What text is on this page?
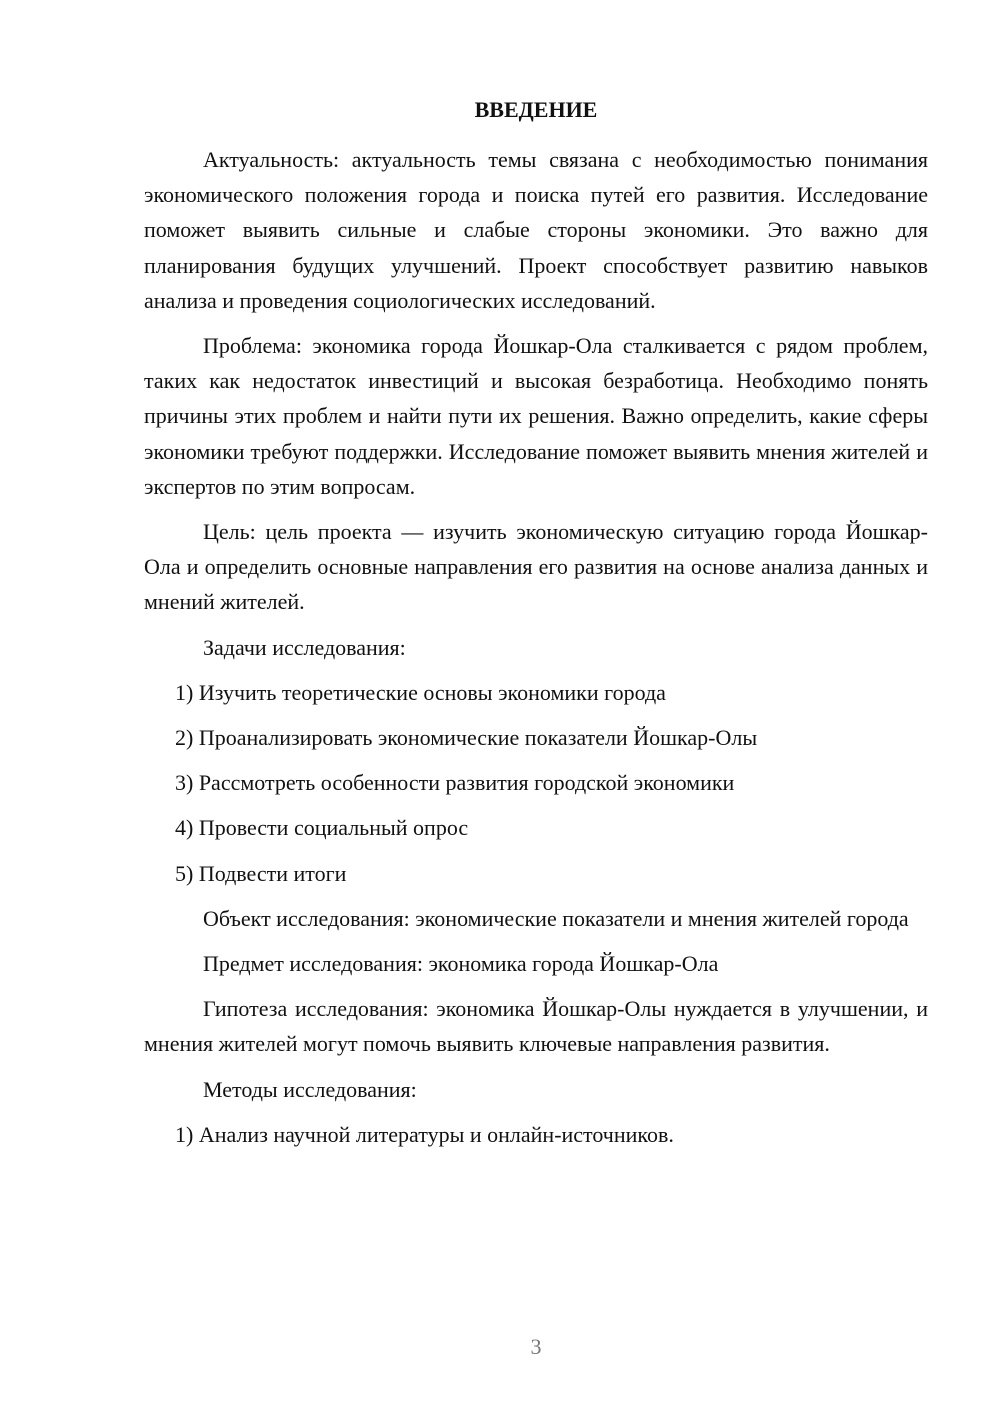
ВВЕДЕНИЕ

Актуальность: актуальность темы связана с необходимостью понимания экономического положения города и поиска путей его развития. Исследование поможет выявить сильные и слабые стороны экономики. Это важно для планирования будущих улучшений. Проект способствует развитию навыков анализа и проведения социологических исследований.

Проблема: экономика города Йошкар-Ола сталкивается с рядом проблем, таких как недостаток инвестиций и высокая безработица. Необходимо понять причины этих проблем и найти пути их решения. Важно определить, какие сферы экономики требуют поддержки. Исследование поможет выявить мнения жителей и экспертов по этим вопросам.

Цель: цель проекта — изучить экономическую ситуацию города Йошкар-Ола и определить основные направления его развития на основе анализа данных и мнений жителей.

Задачи исследования:

1) Изучить теоретические основы экономики города
2) Проанализировать экономические показатели Йошкар-Олы
3) Рассмотреть особенности развития городской экономики
4) Провести социальный опрос
5) Подвести итоги

Объект исследования: экономические показатели и мнения жителей города

Предмет исследования: экономика города Йошкар-Ола

Гипотеза исследования: экономика Йошкар-Олы нуждается в улучшении, и мнения жителей могут помочь выявить ключевые направления развития.

Методы исследования:

1) Анализ научной литературы и онлайн-источников.
3
